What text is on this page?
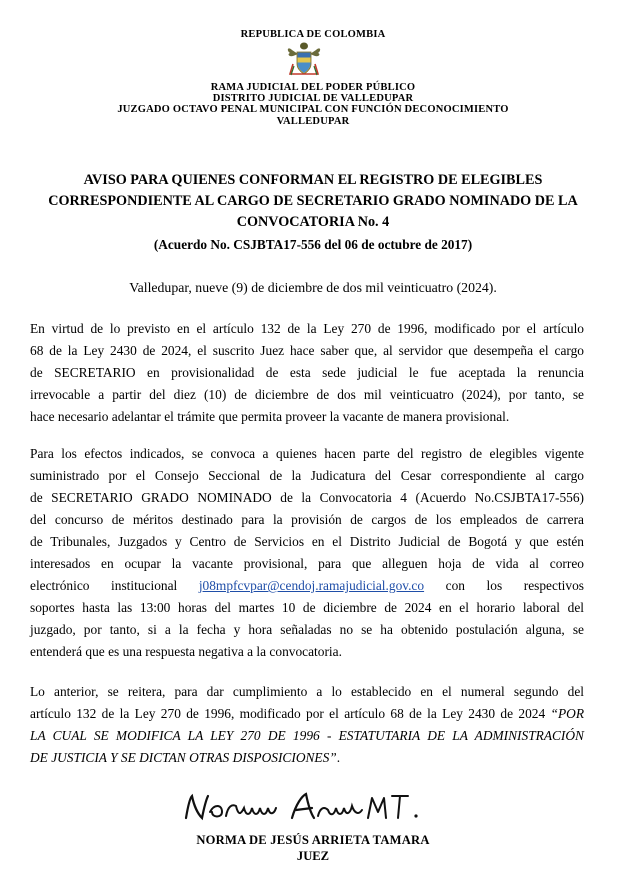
REPUBLICA DE COLOMBIA
RAMA JUDICIAL DEL PODER PÚBLICO
DISTRITO JUDICIAL DE VALLEDUPAR
JUZGADO OCTAVO PENAL MUNICIPAL CON FUNCIÓN DECONOCIMIENTO
VALLEDUPAR
AVISO PARA QUIENES CONFORMAN EL REGISTRO DE ELEGIBLES
CORRESPONDIENTE AL CARGO DE SECRETARIO GRADO NOMINADO DE LA
CONVOCATORIA No. 4
(Acuerdo No. CSJBTA17-556 del 06 de octubre de 2017)
Valledupar, nueve (9) de diciembre de dos mil veinticuatro (2024).
En virtud de lo previsto en el artículo 132 de la Ley 270 de 1996, modificado por el artículo
68 de la Ley 2430 de 2024, el suscrito Juez hace saber que, al servidor que desempeña el cargo
de SECRETARIO en provisionalidad de esta sede judicial le fue aceptada la renuncia
irrevocable a partir del diez (10) de diciembre de dos mil veinticuatro (2024), por tanto, se
hace necesario adelantar el trámite que permita proveer la vacante de manera provisional.
Para los efectos indicados, se convoca a quienes hacen parte del registro de elegibles vigente
suministrado por el Consejo Seccional de la Judicatura del Cesar correspondiente al cargo
de SECRETARIO GRADO NOMINADO de la Convocatoria 4 (Acuerdo No.CSJBTA17-556)
del concurso de méritos destinado para la provisión de cargos de los empleados de carrera
de Tribunales, Juzgados y Centro de Servicios en el Distrito Judicial de Bogotá y que estén
interesados en ocupar la vacante provisional, para que alleguen hoja de vida al correo
electrónico institucional j08mpfcvpar@cendoj.ramajudicial.gov.co con los respectivos
soportes hasta las 13:00 horas del martes 10 de diciembre de 2024 en el horario laboral del
juzgado, por tanto, si a la fecha y hora señaladas no se ha obtenido postulación alguna, se
entenderá que es una respuesta negativa a la convocatoria.
Lo anterior, se reitera, para dar cumplimiento a lo establecido en el numeral segundo del
artículo 132 de la Ley 270 de 1996, modificado por el artículo 68 de la Ley 2430 de 2024 “POR
LA CUAL SE MODIFICA LA LEY 270 DE 1996 - ESTATUTARIA DE LA ADMINISTRACIÓN
DE JUSTICIA Y SE DICTAN OTRAS DISPOSICIONES”.
NORMA DE JESÚS ARRIETA TAMARA
JUEZ
